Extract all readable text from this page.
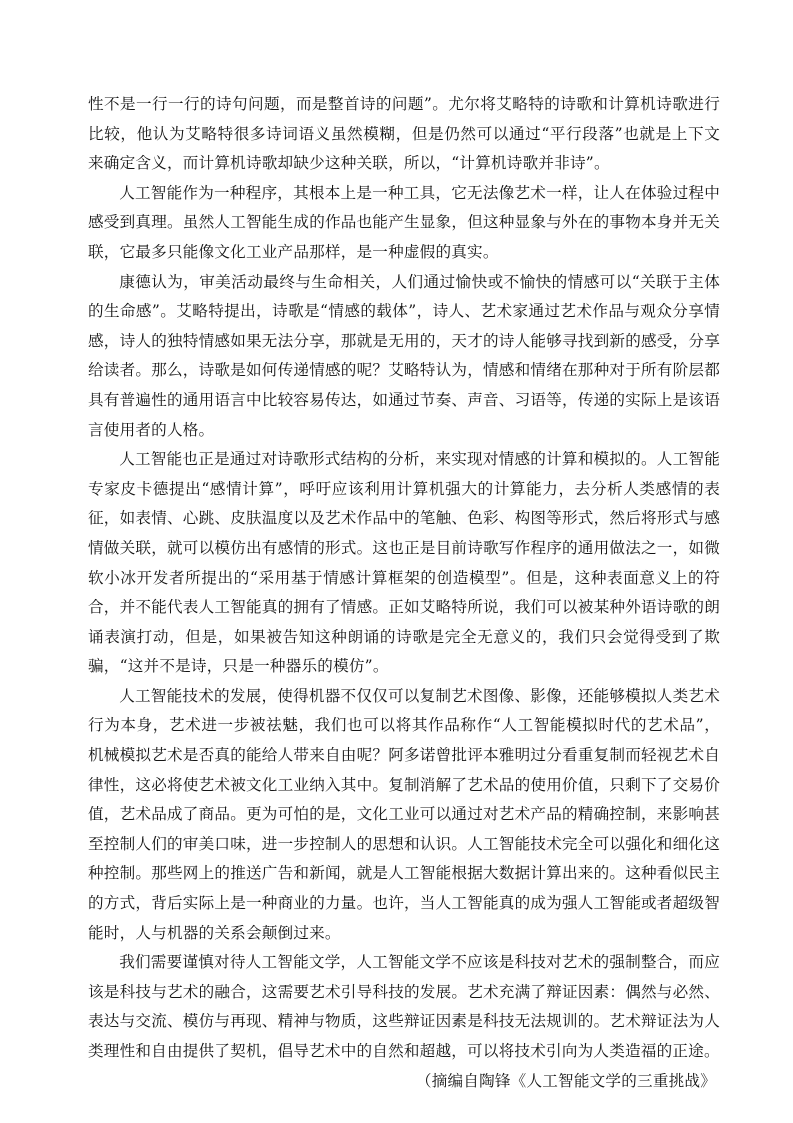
性不是一行一行的诗句问题，而是整首诗的问题”。尤尔将艾略特的诗歌和计算机诗歌进行比较，他认为艾略特很多诗词语义虽然模糊，但是仍然可以通过“平行段落”也就是上下文来确定含义，而计算机诗歌却缺少这种关联，所以，“计算机诗歌并非诗”。

人工智能作为一种程序，其根本上是一种工具，它无法像艺术一样，让人在体验过程中感受到真理。虽然人工智能生成的作品也能产生显象，但这种显象与外在的事物本身并无关联，它最多只能像文化工业产品那样，是一种虚假的真实。

康德认为，审美活动最终与生命相关，人们通过愉快或不愉快的情感可以“关联于主体的生命感”。艾略特提出，诗歌是“情感的载体”，诗人、艺术家通过艺术作品与观众分享情感，诗人的独特情感如果无法分享，那就是无用的，天才的诗人能够寻找到新的感受，分享给读者。那么，诗歌是如何传递情感的呢？艾略特认为，情感和情绪在那种对于所有阶层都具有普遍性的通用语言中比较容易传达，如通过节奏、声音、习语等，传递的实际上是该语言使用者的人格。

人工智能也正是通过对诗歌形式结构的分析，来实现对情感的计算和模拟的。人工智能专家皮卡德提出“感情计算”，呼吁应该利用计算机强大的计算能力，去分析人类感情的表征，如表情、心跳、皮肤温度以及艺术作品中的笔触、色彩、构图等形式，然后将形式与感情做关联，就可以模仿出有感情的形式。这也正是目前诗歌写作程序的通用做法之一，如微软小冰开发者所提出的“采用基于情感计算框架的创造模型”。但是，这种表面意义上的符合，并不能代表人工智能真的拥有了情感。正如艾略特所说，我们可以被某种外语诗歌的朗诵表演打动，但是，如果被告知这种朗诵的诗歌是完全无意义的，我们只会觉得受到了欺骗，“这并不是诗，只是一种器乐的模仿”。

人工智能技术的发展，使得机器不仅仅可以复制艺术图像、影像，还能够模拟人类艺术行为本身，艺术进一步被祛魅，我们也可以将其作品称作“人工智能模拟时代的艺术品”，机械模拟艺术是否真的能给人带来自由呢？阿多诺曾批评本雅明过分看重复制而轻视艺术自律性，这必将使艺术被文化工业纳入其中。复制消解了艺术品的使用价值，只剩下了交易价值，艺术品成了商品。更为可怕的是，文化工业可以通过对艺术产品的精确控制，来影响甚至控制人们的审美口味，进一步控制人的思想和认识。人工智能技术完全可以强化和细化这种控制。那些网上的推送广告和新闻，就是人工智能根据大数据计算出来的。这种看似民主的方式，背后实际上是一种商业的力量。也许，当人工智能真的成为强人工智能或者超级智能时，人与机器的关系会颠倒过来。

我们需要谨慎对待人工智能文学，人工智能文学不应该是科技对艺术的强制整合，而应该是科技与艺术的融合，这需要艺术引导科技的发展。艺术充满了辩证因素：偶然与必然、表达与交流、模仿与再现、精神与物质，这些辩证因素是科技无法规训的。艺术辩证法为人类理性和自由提供了契机，倡导艺术中的自然和超越，可以将技术引向为人类造福的正途。

（摘编自陶锋《人工智能文学的三重挑战》
